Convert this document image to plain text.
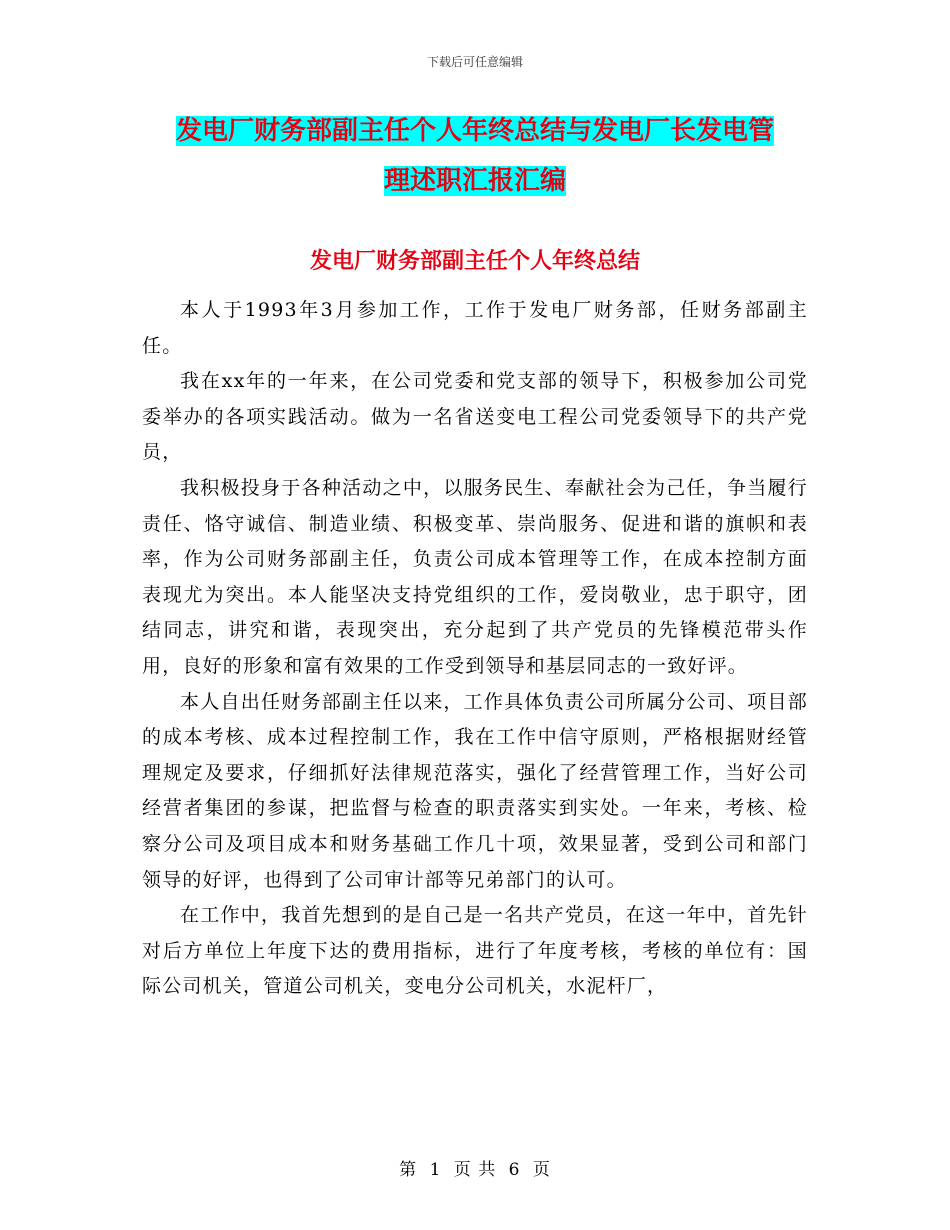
下载后可任意编辑
发电厂财务部副主任个人年终总结与发电厂长发电管
理述职汇报汇编
发电厂财务部副主任个人年终总结

本人于1993年3月参加工作，工作于发电厂财务部，任财务部副主任。

我在xx年的一年来，在公司党委和党支部的领导下，积极参加公司党委举办的各项实践活动。做为一名省送变电工程公司党委领导下的共产党员，

我积极投身于各种活动之中，以服务民生、奉献社会为己任，争当履行责任、恪守诚信、制造业绩、积极变革、崇尚服务、促进和谐的旗帜和表率，作为公司财务部副主任，负责公司成本管理等工作，在成本控制方面表现尤为突出。本人能坚决支持党组织的工作，爱岗敬业，忠于职守，团结同志，讲究和谐，表现突出，充分起到了共产党员的先锋模范带头作用，良好的形象和富有效果的工作受到领导和基层同志的一致好评。

本人自出任财务部副主任以来，工作具体负责公司所属分公司、项目部的成本考核、成本过程控制工作，我在工作中信守原则，严格根据财经管理规定及要求，仔细抓好法律规范落实，强化了经营管理工作，当好公司经营者集团的参谋，把监督与检查的职责落实到实处。一年来，考核、检察分公司及项目成本和财务基础工作几十项，效果显著，受到公司和部门领导的好评，也得到了公司审计部等兄弟部门的认可。

在工作中，我首先想到的是自己是一名共产党员，在这一年中，首先针对后方单位上年度下达的费用指标，进行了年度考核，考核的单位有：国际公司机关，管道公司机关，变电分公司机关，水泥杆厂，

第 1 页 共 6 页
